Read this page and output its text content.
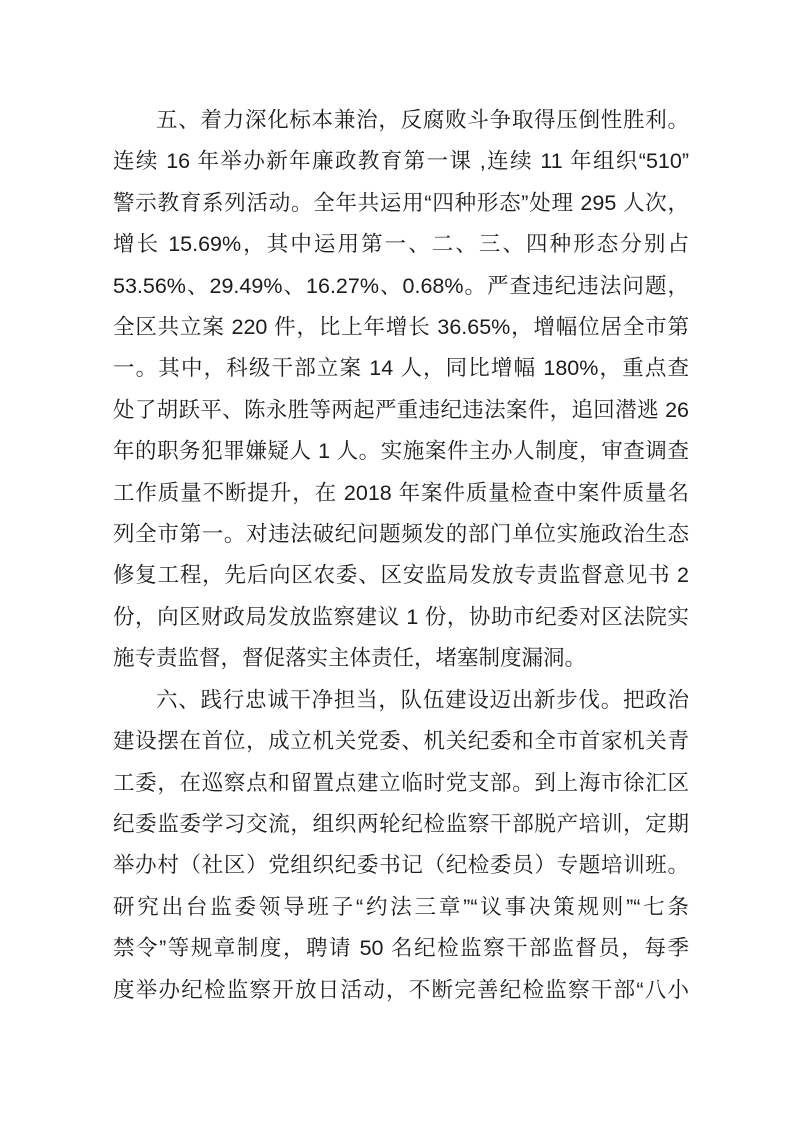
五、着力深化标本兼治，反腐败斗争取得压倒性胜利。
连续 16 年举办新年廉政教育第一课 ,连续 11 年组织“510”
警示教育系列活动。全年共运用“四种形态”处理 295 人次，
增长 15.69%，其中运用第一、二、三、四种形态分别占
53.56%、29.49%、16.27%、0.68%。严查违纪违法问题，
全区共立案 220 件，比上年增长 36.65%，增幅位居全市第
一。其中，科级干部立案 14 人，同比增幅 180%，重点查
处了胡跃平、陈永胜等两起严重违纪违法案件，追回潜逃 26
年的职务犯罪嫌疑人 1 人。实施案件主办人制度，审查调查
工作质量不断提升，在 2018 年案件质量检查中案件质量名
列全市第一。对违法破纪问题频发的部门单位实施政治生态
修复工程，先后向区农委、区安监局发放专责监督意见书 2
份，向区财政局发放监察建议 1 份，协助市纪委对区法院实
施专责监督，督促落实主体责任，堵塞制度漏洞。
六、践行忠诚干净担当，队伍建设迈出新步伐。把政治
建设摆在首位，成立机关党委、机关纪委和全市首家机关青
工委，在巡察点和留置点建立临时党支部。到上海市徐汇区
纪委监委学习交流，组织两轮纪检监察干部脱产培训，定期
举办村（社区）党组织纪委书记（纪检委员）专题培训班。
研究出台监委领导班子“约法三章”“议事决策规则”“七条
禁令”等规章制度，聘请 50 名纪检监察干部监督员，每季
度举办纪检监察开放日活动，不断完善纪检监察干部“八小
